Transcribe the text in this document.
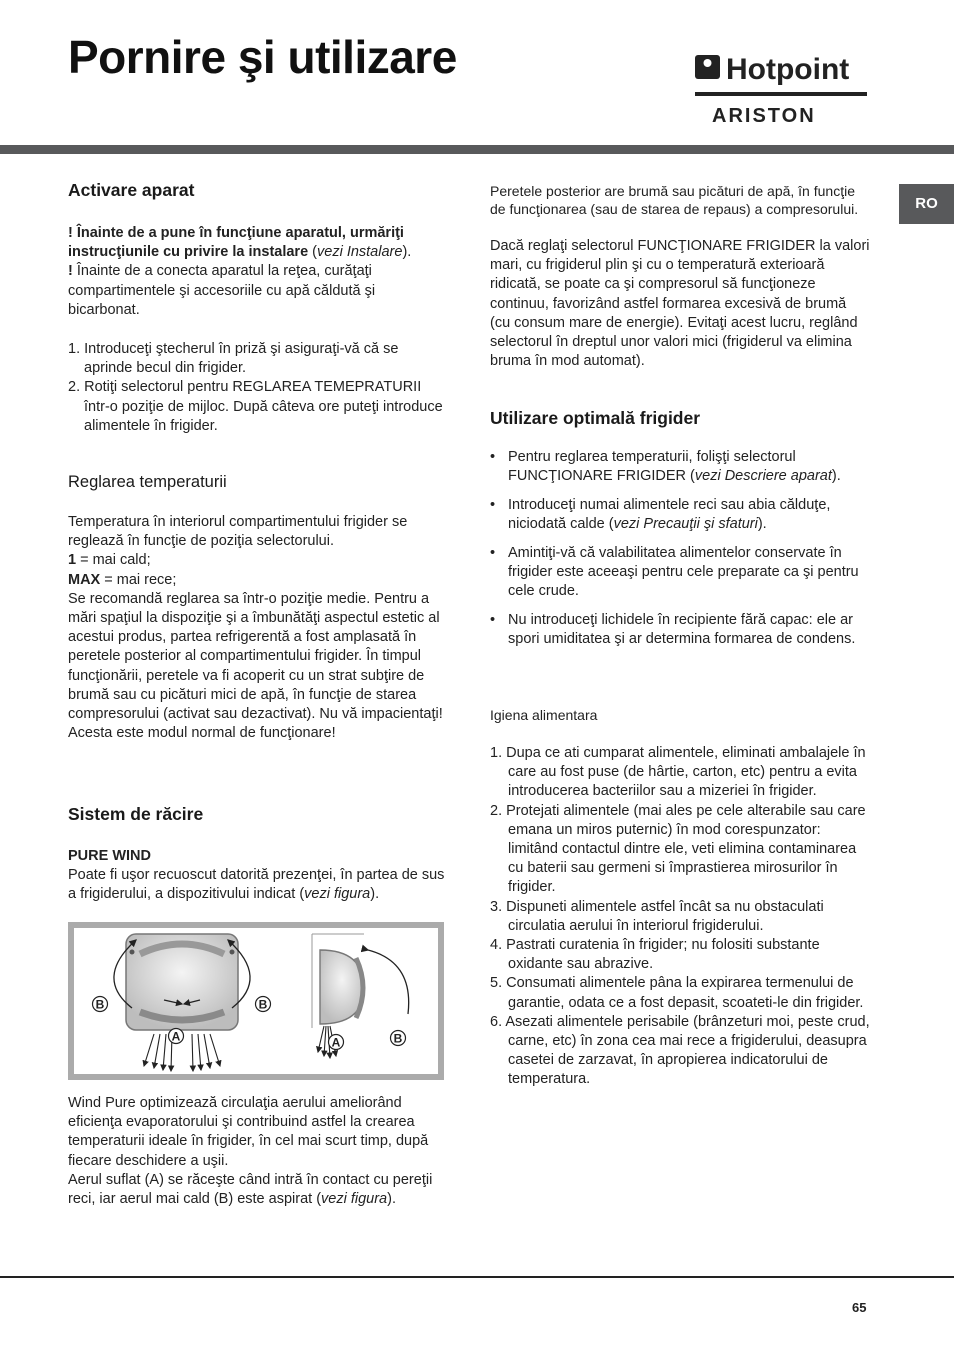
Pornire şi utilizare	Hotpoint
ARISTON
RO
Activare aparat

! Înainte de a pune în funcţiune aparatul, urmăriţi instrucţiunile cu privire la instalare (vezi Instalare).

! Înainte de a conecta aparatul la reţea, curăţaţi compartimentele şi accesoriile cu apă căldută şi bicarbonat.

1. Introduceţi ştecherul în priză şi asiguraţi-vă că se aprinde becul din frigider.
2. Rotiţi selectorul pentru REGLAREA TEMEPRATURII într-o poziţie de mijloc. După câteva ore puteţi introduce alimentele în frigider.
Reglarea temperaturii

Temperatura în interiorul compartimentului frigider se reglează în funcţie de poziţia selectorului.

1 = mai cald;

MAX = mai rece;

Se recomandă reglarea sa într-o poziţie medie. Pentru a mări spaţiul la dispoziţie şi a îmbunătăţi aspectul estetic al acestui produs, partea refrigerentă a fost amplasată în peretele posterior al compartimentului frigider. În timpul funcţionării, peretele va fi acoperit cu un strat subţire de brumă sau cu picături mici de apă, în funcţie de starea compresorului (activat sau dezactivat). Nu vă impacientaţi! Acesta este modul normal de funcţionare!

Sistem de răcire

PURE WIND

Poate fi uşor recuoscut datorită prezenţei, în partea de sus a frigiderului, a dispozitivului indicat (vezi figura).

B	B
A	A	B

Wind Pure optimizează circulaţia aerului ameliorând eficienţa evaporatorului şi contribuind astfel la crearea temperaturii ideale în frigider, în cel mai scurt timp, după fiecare deschidere a uşii.

Aerul suflat (A) se răceşte când intră în contact cu pereţii reci, iar aerul mai cald (B) este aspirat (vezi figura).

Peretele posterior are brumă sau picături de apă, în funcţie de funcţionarea (sau de starea de repaus) a compresorului.
Dacă reglaţi selectorul FUNCŢIONARE FRIGIDER la valori mari, cu frigiderul plin şi cu o temperatură exterioară ridicată, se poate ca şi compresorul să funcţioneze continuu, favorizând astfel formarea excesivă de brumă (cu consum mare de energie). Evitaţi acest lucru, reglând selectorul în dreptul unor valori mici (frigiderul va elimina bruma în mod automat).
Utilizare optimală frigider
• Pentru reglarea temperaturii, folişţi selectorul FUNCŢIONARE FRIGIDER (vezi Descriere aparat).
• Introduceţi numai alimentele reci sau abia călduţe, niciodată calde (vezi Precauţii şi sfaturi).
• Amintiţi-vă că valabilitatea alimentelor conservate în frigider este aceeaşi pentru cele preparate ca şi pentru cele crude.
• Nu introduceţi lichidele în recipiente fără capac: ele ar spori umiditatea şi ar determina formarea de condens.
Igiena alimentara
1. Dupa ce ati cumparat alimentele, eliminati ambalajele în care au fost puse (de hârtie, carton, etc) pentru a evita introducerea bacteriilor sau a mizeriei în frigider.
2. Protejati alimentele (mai ales pe cele alterabile sau care emana un miros puternic) în mod corespunzator: limitând contactul dintre ele, veti elimina contaminarea cu baterii sau germeni si împrastierea mirosurilor în frigider.
3. Dispuneti alimentele astfel încât sa nu obstaculati circulatia aerului în interiorul frigiderului.
4. Pastrati curatenia în frigider; nu folositi substante oxidante sau abrazive.
5. Consumati alimentele pâna la expirarea termenului de garantie, odata ce a fost depasit, scoateti-le din frigider.
6. Asezati alimentele perisabile (brânzeturi moi, peste crud, carne, etc) în zona cea mai rece a frigiderului, deasupra casetei de zarzavat, în apropierea indicatorului de temperatura.
65
